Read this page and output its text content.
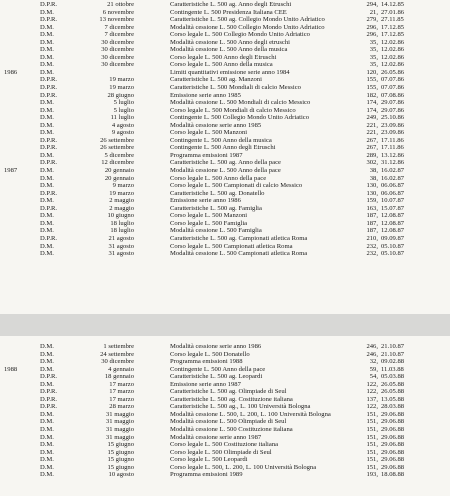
D.P.R.	21 ottobre	Caratteristiche L. 500 ag. Anno degli Etruschi	294, 14.12.85
D.M.	6 novembre	Contingente L. 500 Presidenza Italiana CEE	21, 27.01.86
D.P.R.	13 novembre	Caratteristiche L. 500 ag. Collegio Mondo Unito Adriatico	279, 27.11.85
D.M.	7 dicembre	Modalità cessione L. 500 Collegio Mondo Unito Adriatico	296, 17.12.85
D.M.	7 dicembre	Corso legale L. 500 Collegio Mondo Unito Adriatico	296, 17.12.85
D.M.	30 dicembre	Modalità cessione L. 500 Anno degli etruschi	35, 12.02.86
D.M.	30 dicembre	Modalità cessione L. 500 Anno della musica	35, 12.02.86
D.M.	30 dicembre	Corso legale L. 500 Anno degli Etruschi	35, 12.02.86
D.M.	30 dicembre	Corso legale L. 500 Anno della musica	35, 12.02.86
1986	D.M.	Limiti quantitativi emissione serie anno 1984	120, 26.05.86
D.P.R.	19 marzo	Caratteristiche L. 500 ag. Manzoni	155, 07.07.86
D.P.R.	19 marzo	Caratteristiche L. 500 Mondiali di calcio Messico	155, 07.07.86
D.P.R.	28 giugno	Emissione serie anno 1985	182, 07.08.86
D.M.	5 luglio	Modalità cessione L. 500 Mondiali di calcio Messico	174, 29.07.86
D.M.	5 luglio	Corso legale L. 500 Mondiali di calcio Messico	174, 29.07.86
D.M.	11 luglio	Contingente L. 500 Collegio Mondo Unito Adriatico	249, 25.10.86
D.M.	4 agosto	Modalità cessione serie anno 1985	221, 23.09.86
D.M.	9 agosto	Corso legale L. 500 Manzoni	221, 23.09.86
D.P.R.	26 settembre	Contingente L. 500 Anno della musica	267, 17.11.86
D.P.R.	26 settembre	Contingente L. 500 Anno degli Etruschi	267, 17.11.86
D.M.	5 dicembre	Programma emissioni 1987	289, 13.12.86
D.P.R.	12 dicembre	Caratteristiche L. 500 ag. Anno della pace	302, 31.12.86
1987	D.M.	20 gennaio	Modalità cessione L. 500 Anno della pace	38, 16.02.87
D.M.	20 gennaio	Corso legale L. 500 Anno della pace	38, 16.02.87
D.M.	9 marzo	Corso legale L. 500 Campionati di calcio Messico	130, 06.06.87
D.P.R.	19 marzo	Caratteristiche L. 500 ag. Donatello	130, 06.06.87
D.M.	2 maggio	Emissione serie anno 1986	159, 10.07.87
D.P.R.	2 maggio	Caratteristiche L. 500 ag. Famiglia	163, 15.07.87
D.M.	10 giugno	Corso legale L. 500 Manzoni	187, 12.08.87
D.M.	18 luglio	Corso legale L. 500 Famiglia	187, 12.08.87
D.M.	18 luglio	Modalità cessione L. 500 Famiglia	187, 12.08.87
D.P.R.	21 agosto	Caratteristiche L. 500 ag. Campionati atletica Roma	210, 09.09.87
D.M.	31 agosto	Corso legale L. 500 Campionati atletica Roma	232, 05.10.87
D.M.	31 agosto	Modalità cessione L. 500 Campionati atletica Roma	232, 05.10.87
D.M.	1 settembre	Modalità cessione serie anno 1986	246, 21.10.87
D.M.	24 settembre	Corso legale L. 500 Donatello	246, 21.10.87
D.M.	30 dicembre	Programma emissioni 1988	32, 09.02.88
1988	D.M.	4 gennaio	Contingente L. 500 Anno della pace	59, 11.03.88
D.P.R.	18 gennaio	Caratteristiche L. 500 ag. Leopardi	54, 05.03.88
D.M.	17 marzo	Emissione serie anno 1987	122, 26.05.88
D.P.R.	17 marzo	Caratteristiche L. 500 ag. Olimpiade di Seul	122, 26.05.88
D.P.R.	17 marzo	Caratteristiche L. 500 ag. Costituzione italiana	137, 13.05.88
D.P.R.	28 marzo	Caratteristiche L. 500 ag., L. 100 Università Bologna	122, 28.03.88
D.M.	31 maggio	Modalità cessione L. 500, L. 200, L. 100 Università Bologna	151, 29.06.88
D.M.	31 maggio	Modalità cessione L. 500 Olimpiade di Seul	151, 29.06.88
D.M.	31 maggio	Modalità cessione L. 500 Costituzione italiana	151, 29.06.88
D.M.	31 maggio	Modalità cessione serie anno 1987	151, 29.06.88
D.M.	15 giugno	Corso legale L. 500 Costituzione italiana	151, 29.06.88
D.M.	15 giugno	Corso legale L. 500 Olimpiade di Seul	151, 29.06.88
D.M.	15 giugno	Corso legale L. 500 Leopardi	151, 29.06.88
D.M.	15 giugno	Corso legale L. 500, L. 200, L. 100 Università Bologna	151, 29.06.88
D.M.	10 agosto	Programma emissioni 1989	193, 18.08.88
